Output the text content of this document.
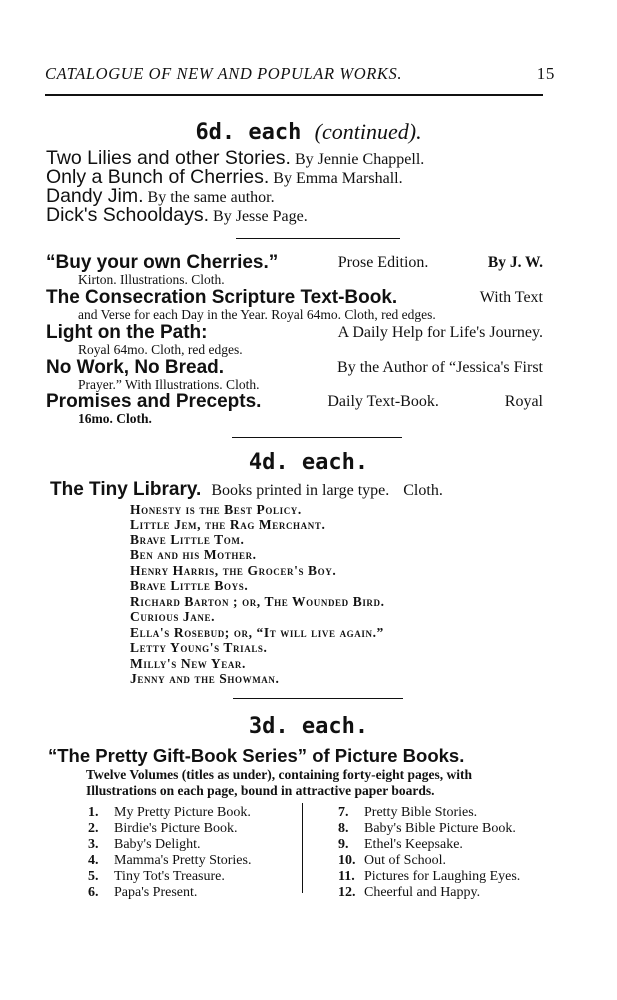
CATALOGUE OF NEW AND POPULAR WORKS.	15
6d. each (continued).
Two Lilies and other Stories. By Jennie Chappell.
Only a Bunch of Cherries. By Emma Marshall.
Dandy Jim. By the same author.
Dick's Schooldays. By Jesse Page.
“Buy your own Cherries.”	Prose Edition.	By J. W.
Kirton. Illustrations. Cloth.
The Consecration Scripture Text-Book.	With Text
and Verse for each Day in the Year. Royal 64mo. Cloth, red edges.
Light on the Path:	A Daily Help for Life's Journey.
Royal 64mo. Cloth, red edges.
No Work, No Bread.	By the Author of “Jessica's First
Prayer.” With Illustrations. Cloth.
Promises and Precepts.	Daily Text-Book.	Royal
16mo. Cloth.
4d. each.
The Tiny Library. Books printed in large type. Cloth.
Honesty is the Best Policy.
Little Jem, the Rag Merchant.
Brave Little Tom.
Ben and his Mother.
Henry Harris, the Grocer's Boy.
Brave Little Boys.
Richard Barton ; or, The Wounded Bird.
Curious Jane.
Ella's Rosebud; or, “It will live again.”
Letty Young's Trials.
Milly's New Year.
Jenny and the Showman.
3d. each.
“The Pretty Gift-Book Series” of Picture Books.
Twelve Volumes (titles as under), containing forty-eight pages, with
Illustrations on each page, bound in attractive paper boards.
1. My Pretty Picture Book.
2. Birdie's Picture Book.
3. Baby's Delight.
4. Mamma's Pretty Stories.
5. Tiny Tot's Treasure.
6. Papa's Present.
7. Pretty Bible Stories.
8. Baby's Bible Picture Book.
9. Ethel's Keepsake.
10. Out of School.
11. Pictures for Laughing Eyes.
12. Cheerful and Happy.
